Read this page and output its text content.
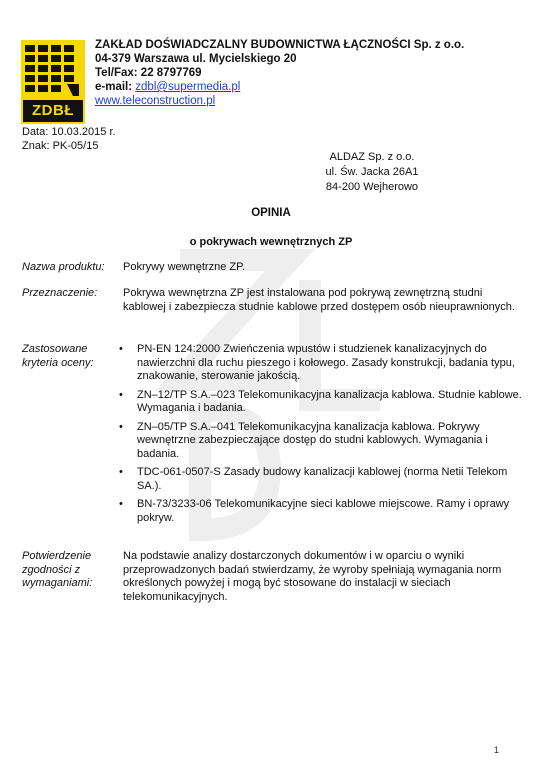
ZDBŁ
ZAKŁAD DOŚWIADCZALNY BUDOWNICTWA ŁĄCZNOŚCI Sp. z o.o.
04-379 Warszawa ul. Mycielskiego 20
Tel/Fax: 22 8797769
e-mail: zdbl@supermedia.pl
www.teleconstruction.pl
Data: 10.03.2015 r.
Znak: PK-05/15
ALDAZ Sp. z o.o.
ul. Św. Jacka 26A1
84-200 Wejherowo
OPINIA
o pokrywach wewnętrznych ZP
Nazwa produktu:	Pokrywy wewnętrzne ZP.
Przeznaczenie:	Pokrywa wewnętrzna ZP jest instalowana pod pokrywą zewnętrzną studni kablowej i zabezpiecza studnie kablowe przed dostępem osób nieuprawnionych.
Zastosowane kryteria oceny:
• PN-EN 124:2000 Zwieńczenia wpustów i studzienek kanalizacyjnych do nawierzchni dla ruchu pieszego i kołowego. Zasady konstrukcji, badania typu, znakowanie, sterowanie jakością.
• ZN–12/TP S.A.–023 Telekomunikacyjna kanalizacja kablowa. Studnie kablowe. Wymagania i badania.
• ZN–05/TP S.A.–041 Telekomunikacyjna kanalizacja kablowa. Pokrywy wewnętrzne zabezpieczające dostęp do studni kablowych. Wymagania i badania.
• TDC-061-0507-S Zasady budowy kanalizacji kablowej (norma Netii Telekom SA.).
• BN-73/3233-06 Telekomunikacyjne sieci kablowe miejscowe. Ramy i oprawy pokryw.
Potwierdzenie zgodności z wymaganiami:
Na podstawie analizy dostarczonych dokumentów i w oparciu o wyniki przeprowadzonych badań stwierdzamy, że wyroby spełniają wymagania norm określonych powyżej i mogą być stosowane do instalacji w sieciach telekomunikacyjnych.
1
